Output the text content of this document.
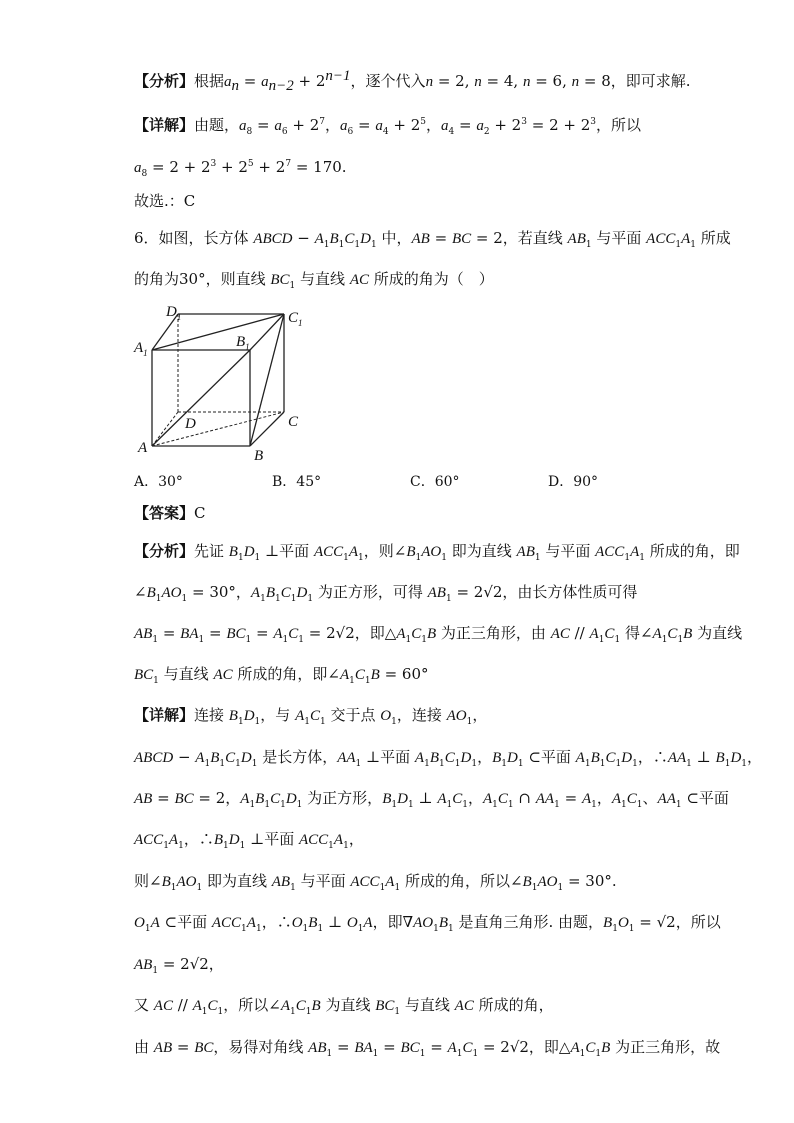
【分析】根据$a_n = a_{n-2} + 2^{n-1}$，逐个代入n = 2, n = 4, n = 6, n = 8，即可求解.
【详解】由题，$a_8 = a_6 + 2^7$，$a_6 = a_4 + 2^5$，$a_4 = a_2 + 2^3 = 2 + 2^3$，所以
$a_8 = 2 + 2^3 + 2^5 + 2^7 = 170$.
故选.：C
6．如图，长方体 ABCD − $A_1B_1C_1D_1$ 中，AB = BC = 2，若直线 $AB_1$ 与平面 $ACC_1A_1$ 所成
的角为30°，则直线 $BC_1$ 与直线 AC 所成的角为（　）
$D_1$	$C_1$
$A_1$
$B_1$
D	C
A	B
A．30°	B．45°	C．60°	D．90°
【答案】C
【分析】先证 $B_1D_1$ ⊥平面 $ACC_1A_1$，则$\angle B_1AO_1$ 即为直线 $AB_1$ 与平面 $ACC_1A_1$ 所成的角，即
$\angle B_1AO_1 = 30^\circ$，$A_1B_1C_1D_1$ 为正方形，可得 $AB_1 = 2√2$，由长方体性质可得
$AB_1 = BA_1 = BC_1 = A_1C_1 = 2√2$，即$\triangle A_1C_1B$ 为正三角形，由 AC // $A_1C_1$ 得$\angle A_1C_1B$ 为直线
$BC_1$ 与直线 AC 所成的角，即$\angle A_1C_1B = 60^\circ$
【详解】连接 $B_1D_1$，与 $A_1C_1$ 交于点 $O_1$，连接 $AO_1$，
ABCD − $A_1B_1C_1D_1$ 是长方体，$AA_1$ ⊥平面 $A_1B_1C_1D_1$，$B_1D_1$ ⊂平面 $A_1B_1C_1D_1$，$\therefore AA_1$ ⊥ $B_1D_1$，
AB = BC = 2，$A_1B_1C_1D_1$ 为正方形，$B_1D_1$ ⊥ $A_1C_1$，$A_1C_1$ ∩ $AA_1 = A_1$，$A_1C_1$、$AA_1$ ⊂平面
$ACC_1A_1$，$\therefore B_1D_1$ ⊥平面 $ACC_1A_1$，
则$\angle B_1AO_1$ 即为直线 $AB_1$ 与平面 $ACC_1A_1$ 所成的角，所以$\angle B_1AO_1 = 30^\circ$.
$O_1A$ ⊂平面 $ACC_1A_1$，$\therefore O_1B_1$ ⊥ $O_1A$，即$\nabla AO_1B_1$ 是直角三角形. 由题，$B_1O_1 = √2$，所以
$AB_1 = 2√2$，
又 AC // $A_1C_1$，所以$\angle A_1C_1B$ 为直线 $BC_1$ 与直线 AC 所成的角，
由 AB = BC，易得对角线 $AB_1 = BA_1 = BC_1 = A_1C_1 = 2√2$，即$\triangle A_1C_1B$ 为正三角形，故
